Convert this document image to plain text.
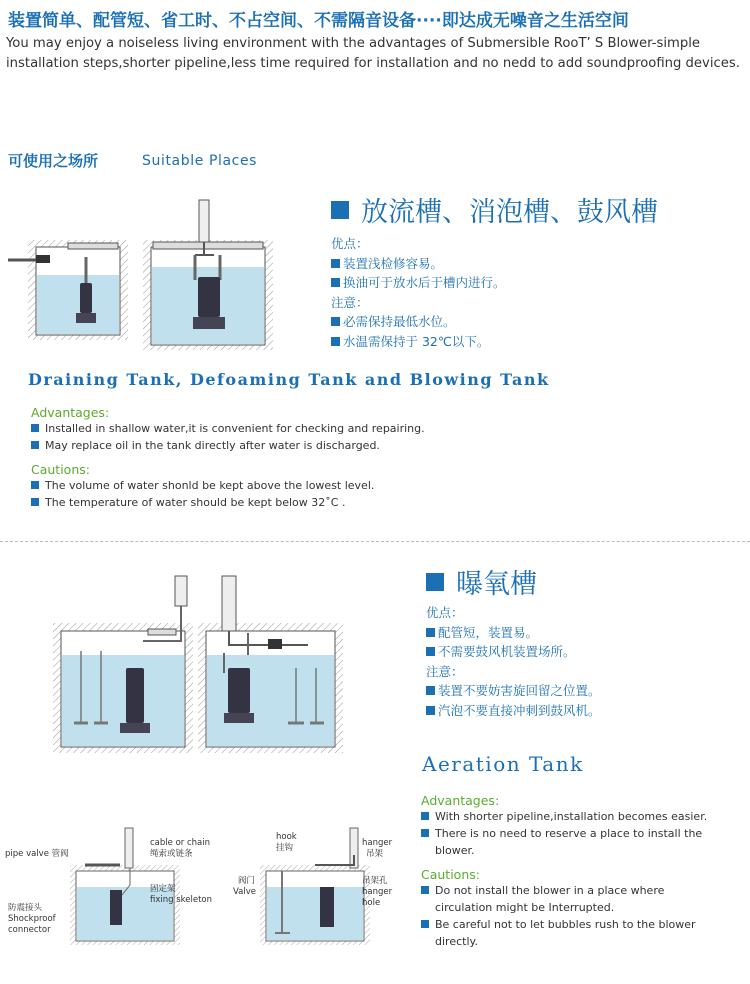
装置简单、配管短、省工时、不占空间、不需隔音设备····即达成无噪音之生活空间
You may enjoy a noiseless living environment with the advantages of Submersible RooT’ S Blower-simple installation steps,shorter pipeline,less time required for installation and no nedd to add soundproofing devices.
可使用之场所	Suitable Places
放流槽、消泡槽、鼓风槽
优点：
装置浅检修容易。
换油可于放水后于槽内进行。
注意：
必需保持最低水位。
水温需保持于 32℃以下。
Draining Tank, Defoaming Tank and Blowing Tank
Advantages:
Installed in shallow water,it is convenient for checking and repairing.
May replace oil in the tank directly after water is discharged.
Cautions:
The volume of water shonld be kept above the lowest level.
The temperature of water should be kept below 32˚C .
曝氧槽
优点：
配管短，装置易。
不需要鼓风机装置场所。
注意：
装置不要妨害旋回留之位置。
汽泡不要直接冲刺到鼓风机。
Aeration Tank
Advantages:
With shorter pipeline,installation becomes easier.
There is no need to reserve a place to install the blower.
Cautions:
Do not install the blower in a place where circulation might be Interrupted.
Be careful not to let bubbles rush to the blower directly.
pipe valve 管阀
cable or chain
绳索或链条
固定架
fixing skeleton
防震接头
Shockproof
connector
hook
挂钩
阀门
Valve
hanger
吊架
吊架孔
hanger
hole
